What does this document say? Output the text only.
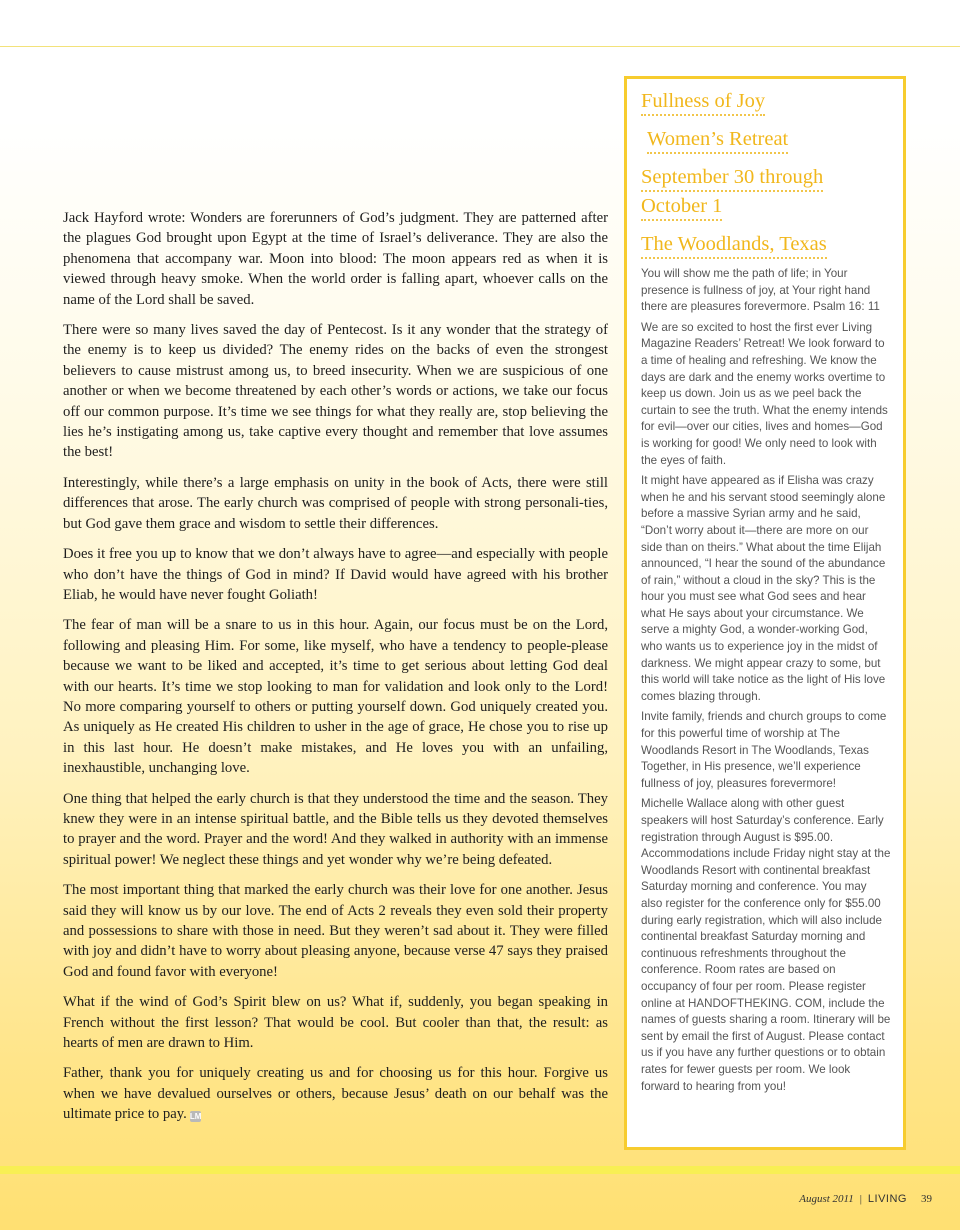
Jack Hayford wrote: Wonders are forerunners of God’s judgment. They are patterned after the plagues God brought upon Egypt at the time of Israel’s deliverance. They are also the phenomena that accompany war. Moon into blood: The moon appears red as when it is viewed through heavy smoke. When the world order is falling apart, whoever calls on the name of the Lord shall be saved.

There were so many lives saved the day of Pentecost. Is it any wonder that the strategy of the enemy is to keep us divided? The enemy rides on the backs of even the strongest believers to cause mistrust among us, to breed insecurity. When we are suspicious of one another or when we become threatened by each other’s words or actions, we take our focus off our common purpose. It’s time we see things for what they really are, stop believing the lies he’s instigating among us, take captive every thought and remember that love assumes the best!

Interestingly, while there’s a large emphasis on unity in the book of Acts, there were still differences that arose. The early church was comprised of people with strong personali-ties, but God gave them grace and wisdom to settle their differences.

Does it free you up to know that we don’t always have to agree—and especially with people who don’t have the things of God in mind? If David would have agreed with his brother Eliab, he would have never fought Goliath!

The fear of man will be a snare to us in this hour. Again, our focus must be on the Lord, following and pleasing Him. For some, like myself, who have a tendency to people-please because we want to be liked and accepted, it’s time to get serious about letting God deal with our hearts. It’s time we stop looking to man for validation and look only to the Lord! No more comparing yourself to others or putting yourself down. God uniquely created you. As uniquely as He created His children to usher in the age of grace, He chose you to rise up in this last hour. He doesn’t make mistakes, and He loves you with an unfailing, inexhaustible, unchanging love.

One thing that helped the early church is that they understood the time and the season. They knew they were in an intense spiritual battle, and the Bible tells us they devoted themselves to prayer and the word. Prayer and the word! And they walked in authority with an immense spiritual power! We neglect these things and yet wonder why we’re being defeated.

The most important thing that marked the early church was their love for one another. Jesus said they will know us by our love. The end of Acts 2 reveals they even sold their property and possessions to share with those in need. But they weren’t sad about it. They were filled with joy and didn’t have to worry about pleasing anyone, because verse 47 says they praised God and found favor with everyone!

What if the wind of God’s Spirit blew on us? What if, suddenly, you began speaking in French without the first lesson? That would be cool. But cooler than that, the result: as hearts of men are drawn to Him.

Father, thank you for uniquely creating us and for choosing us for this hour. Forgive us when we have devalued ourselves or others, because Jesus’ death on our behalf was the ultimate price to pay. LM

Fullness of Joy
Women’s Retreat
September 30 through
October 1
The Woodlands, Texas

You will show me the path of life; in Your presence is fullness of joy, at Your right hand there are pleasures forevermore. Psalm 16: 11

We are so excited to host the first ever Living Magazine Readers’ Retreat! We look forward to a time of healing and refreshing. We know the days are dark and the enemy works overtime to keep us down. Join us as we peel back the curtain to see the truth. What the enemy intends for evil—over our cities, lives and homes—God is working for good! We only need to look with the eyes of faith.

It might have appeared as if Elisha was crazy when he and his servant stood seemingly alone before a massive Syrian army and he said, “Don’t worry about it—there are more on our side than on theirs.” What about the time Elijah announced, “I hear the sound of the abundance of rain,” without a cloud in the sky? This is the hour you must see what God sees and hear what He says about your circumstance. We serve a mighty God, a wonder-working God, who wants us to experience joy in the midst of darkness. We might appear crazy to some, but this world will take notice as the light of His love comes blazing through.

Invite family, friends and church groups to come for this powerful time of worship at The Woodlands Resort in The Woodlands, Texas Together, in His presence, we’ll experience fullness of joy, pleasures forevermore!

Michelle Wallace along with other guest speakers will host Saturday’s conference. Early registration through August is $95.00. Accommodations include Friday night stay at the Woodlands Resort with continental breakfast Saturday morning and conference. You may also register for the conference only for $55.00 during early registration, which will also include continental breakfast Saturday morning and continuous refreshments throughout the conference. Room rates are based on occupancy of four per room. Please register online at HANDOFTHEKING. COM, include the names of guests sharing a room. Itinerary will be sent by email the first of August. Please contact us if you have any further questions or to obtain rates for fewer guests per room. We look forward to hearing from you!

August 2011 | LIVING 39
